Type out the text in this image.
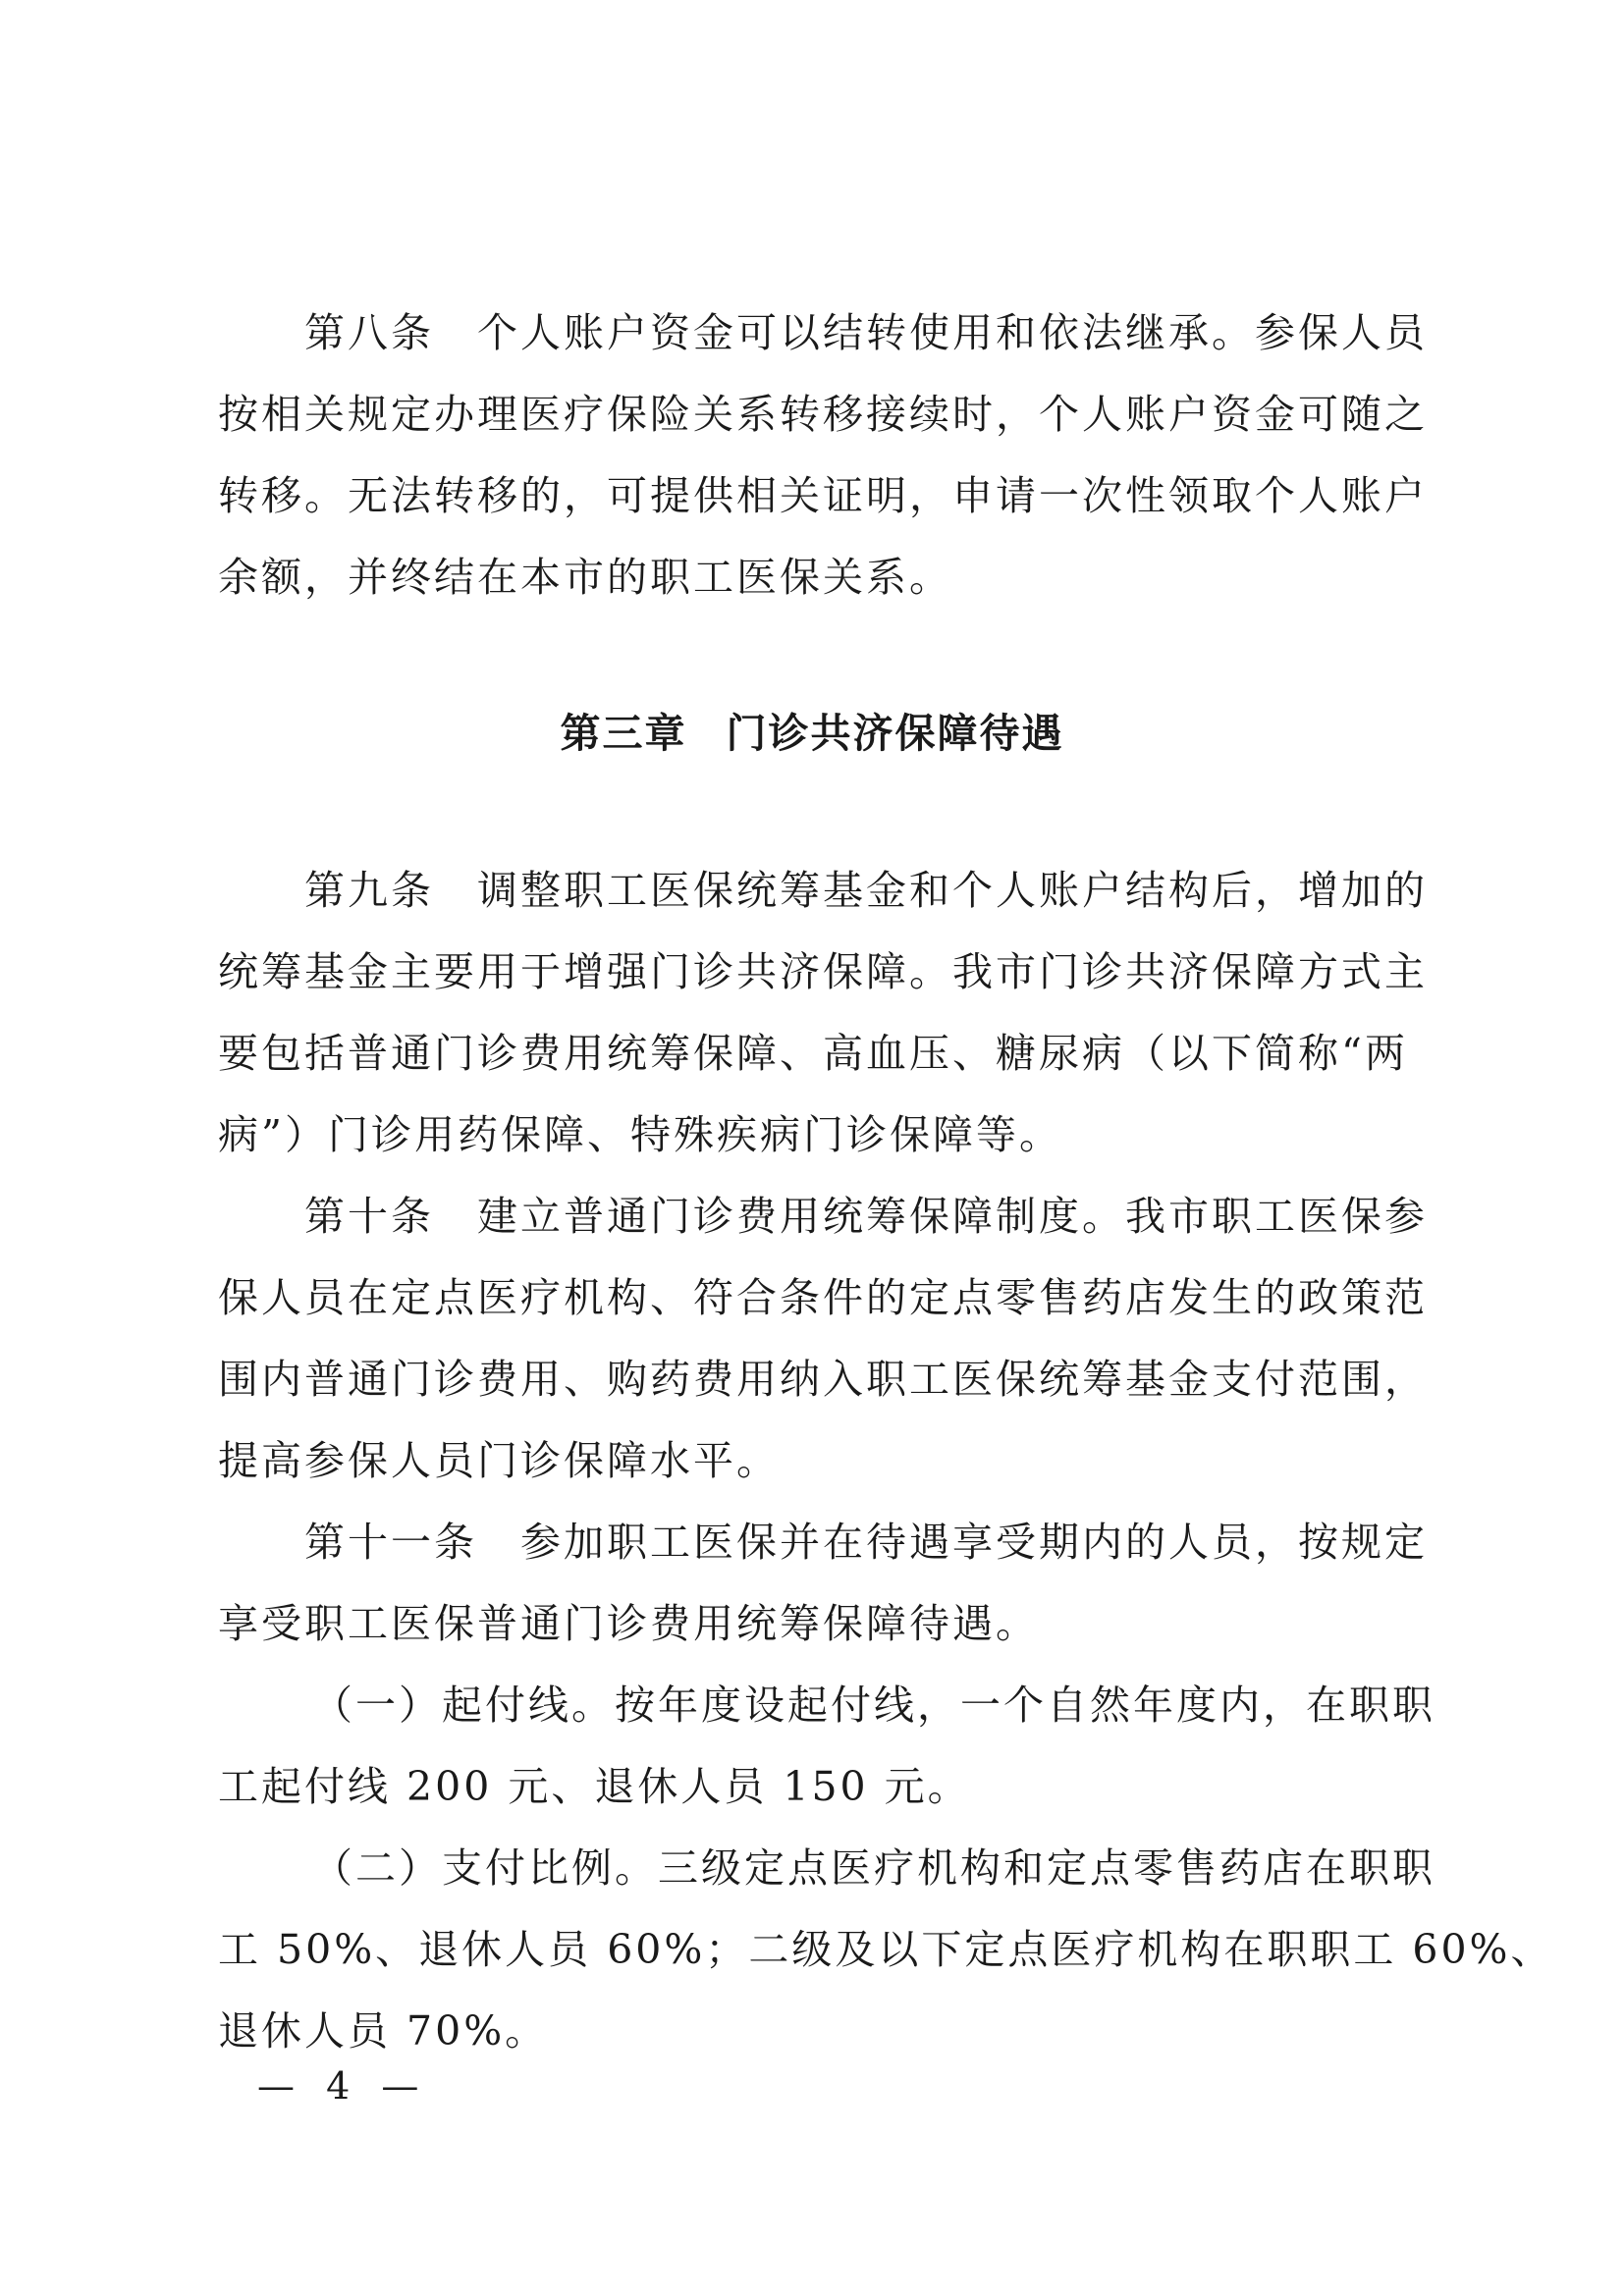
第八条 个人账户资金可以结转使用和依法继承。参保人员
按相关规定办理医疗保险关系转移接续时，个人账户资金可随之
转移。无法转移的，可提供相关证明，申请一次性领取个人账户
余额，并终结在本市的职工医保关系。
第三章 门诊共济保障待遇
第九条 调整职工医保统筹基金和个人账户结构后，增加的
统筹基金主要用于增强门诊共济保障。我市门诊共济保障方式主
要包括普通门诊费用统筹保障、高血压、糖尿病（以下简称“两
病”）门诊用药保障、特殊疾病门诊保障等。
第十条 建立普通门诊费用统筹保障制度。我市职工医保参
保人员在定点医疗机构、符合条件的定点零售药店发生的政策范
围内普通门诊费用、购药费用纳入职工医保统筹基金支付范围，
提高参保人员门诊保障水平。
第十一条 参加职工医保并在待遇享受期内的人员，按规定
享受职工医保普通门诊费用统筹保障待遇。
（一）起付线。按年度设起付线，一个自然年度内，在职职
工起付线 200 元、退休人员 150 元。
（二）支付比例。三级定点医疗机构和定点零售药店在职职
工 50%、退休人员 60%；二级及以下定点医疗机构在职职工 60%、
退休人员 70%。
— 4 —
